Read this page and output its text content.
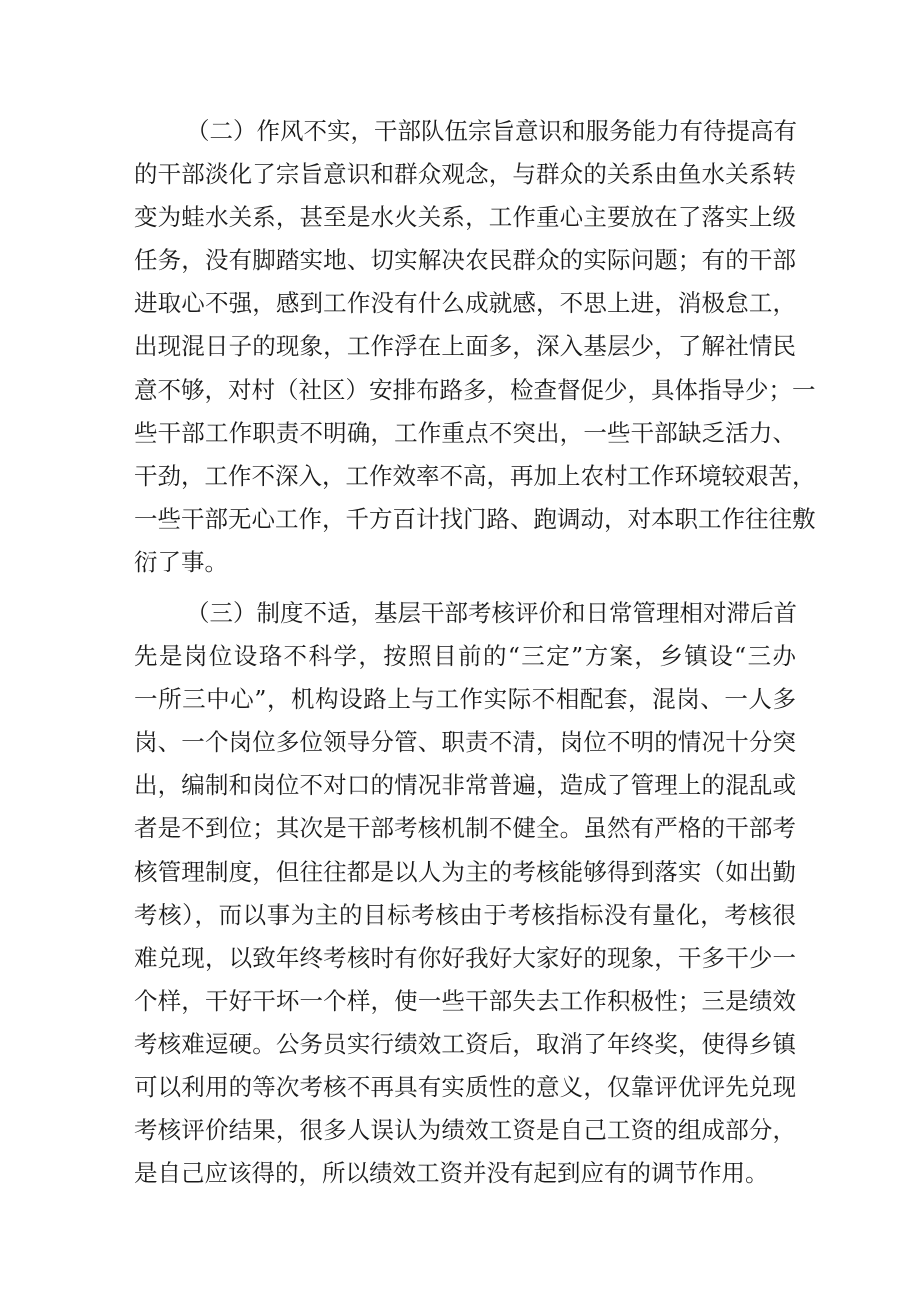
（二）作风不实，干部队伍宗旨意识和服务能力有待提高有
的干部淡化了宗旨意识和群众观念，与群众的关系由鱼水关系转
变为蛙水关系，甚至是水火关系，工作重心主要放在了落实上级
任务，没有脚踏实地、切实解决农民群众的实际问题；有的干部
进取心不强，感到工作没有什么成就感，不思上进，消极怠工，
出现混日子的现象，工作浮在上面多，深入基层少，了解社情民
意不够，对村（社区）安排布路多，检查督促少，具体指导少；一
些干部工作职责不明确，工作重点不突出，一些干部缺乏活力、
干劲，工作不深入，工作效率不高，再加上农村工作环境较艰苦，
一些干部无心工作，千方百计找门路、跑调动，对本职工作往往敷
衍了事。
（三）制度不适，基层干部考核评价和日常管理相对滞后首
先是岗位设珞不科学，按照目前的“三定”方案，乡镇设“三办
一所三中心”，机构设路上与工作实际不相配套，混岗、一人多
岗、一个岗位多位领导分管、职责不清，岗位不明的情况十分突
出，编制和岗位不对口的情况非常普遍，造成了管理上的混乱或
者是不到位；其次是干部考核机制不健全。虽然有严格的干部考
核管理制度，但往往都是以人为主的考核能够得到落实（如出勤
考核），而以事为主的目标考核由于考核指标没有量化，考核很
难兑现，以致年终考核时有你好我好大家好的现象，干多干少一
个样，干好干坏一个样，使一些干部失去工作积极性；三是绩效
考核难逗硬。公务员实行绩效工资后，取消了年终奖，使得乡镇
可以利用的等次考核不再具有实质性的意义，仅靠评优评先兑现
考核评价结果，很多人误认为绩效工资是自己工资的组成部分，
是自己应该得的，所以绩效工资并没有起到应有的调节作用。
